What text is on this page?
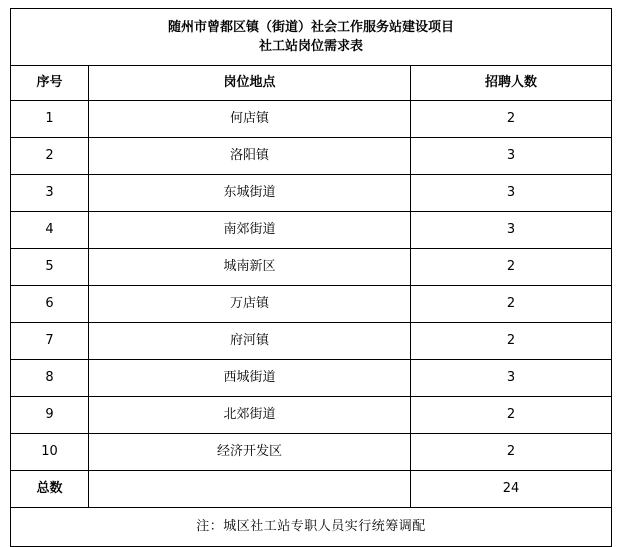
随州市曾都区镇（街道）社会工作服务站建设项目
社工站岗位需求表		

序号	岗位地点	招聘人数
1	何店镇	2
2	洛阳镇	3
3	东城街道	3
4	南郊街道	3
5	城南新区	2
6	万店镇	2
7	府河镇	2
8	西城街道	3
9	北郊街道	2
10	经济开发区	2
总数		24
注：城区社工站专职人员实行统筹调配		
